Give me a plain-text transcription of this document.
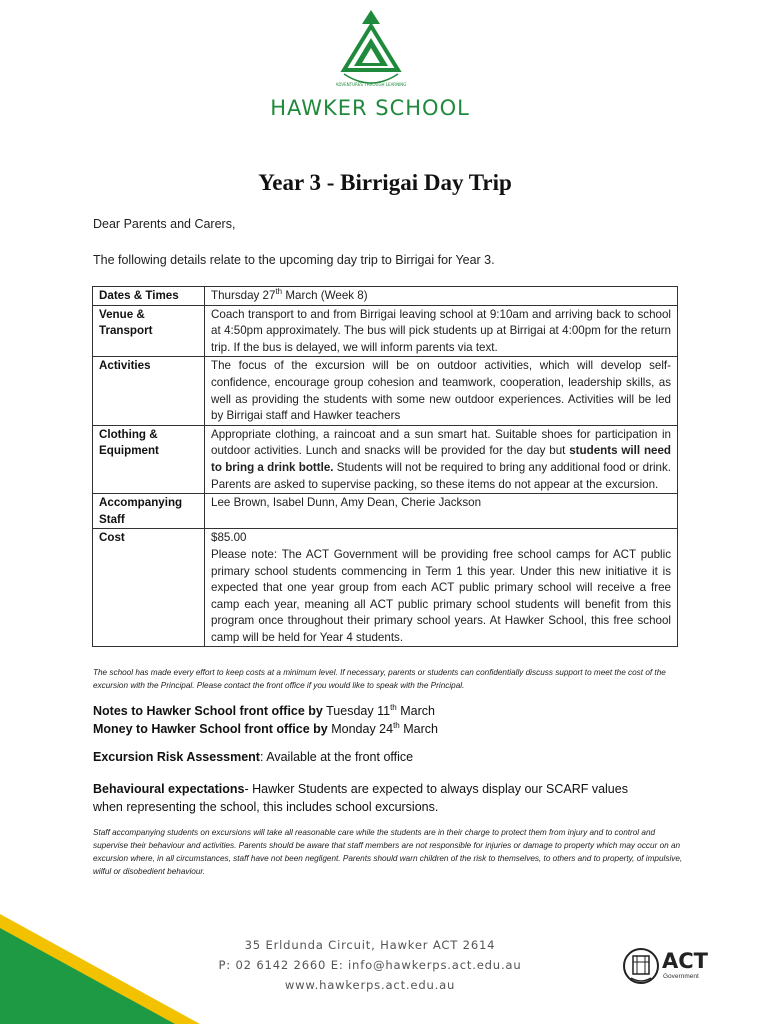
ADVENTURES THROUGH LEARNING
HAWKER SCHOOL
Year 3 - Birrigai Day Trip
Dear Parents and Carers,
The following details relate to the upcoming day trip to Birrigai for Year 3.
Dates & Times	Thursday 27th March (Week 8)
Venue &
Transport	Coach transport to and from Birrigai leaving school at 9:10am and arriving back to school at 4:50pm approximately. The bus will pick students up at Birrigai at 4:00pm for the return trip. If the bus is delayed, we will inform parents via text.
Activities	The focus of the excursion will be on outdoor activities, which will develop self-confidence, encourage group cohesion and teamwork, cooperation, leadership skills, as well as providing the students with some new outdoor experiences. Activities will be led by Birrigai staff and Hawker teachers
Clothing &
Equipment	Appropriate clothing, a raincoat and a sun smart hat. Suitable shoes for participation in outdoor activities. Lunch and snacks will be provided for the day but students will need to bring a drink bottle. Students will not be required to bring any additional food or drink. Parents are asked to supervise packing, so these items do not appear at the excursion.
Accompanying
Staff	Lee Brown, Isabel Dunn, Amy Dean, Cherie Jackson
Cost	$85.00
Please note: The ACT Government will be providing free school camps for ACT public primary school students commencing in Term 1 this year. Under this new initiative it is expected that one year group from each ACT public primary school will receive a free camp each year, meaning all ACT public primary school students will benefit from this program once throughout their primary school years. At Hawker School, this free school camp will be held for Year 4 students.
The school has made every effort to keep costs at a minimum level. If necessary, parents or students can confidentially discuss support to meet the cost of the excursion with the Principal. Please contact the front office if you would like to speak with the Principal.
Notes to Hawker School front office by Tuesday 11th March
Money to Hawker School front office by Monday 24th March
Excursion Risk Assessment: Available at the front office
Behavioural expectations- Hawker Students are expected to always display our SCARF values when representing the school, this includes school excursions.
Staff accompanying students on excursions will take all reasonable care while the students are in their charge to protect them from injury and to control and supervise their behaviour and activities. Parents should be aware that staff members are not responsible for injuries or damage to property which may occur on an excursion where, in all circumstances, staff have not been negligent. Parents should warn children of the risk to themselves, to others and to property, of impulsive, wilful or disobedient behaviour.
35 Erldunda Circuit, Hawker ACT 2614
P: 02 6142 2660 E: info@hawkerps.act.edu.au
www.hawkerps.act.edu.au
ACT
Government
